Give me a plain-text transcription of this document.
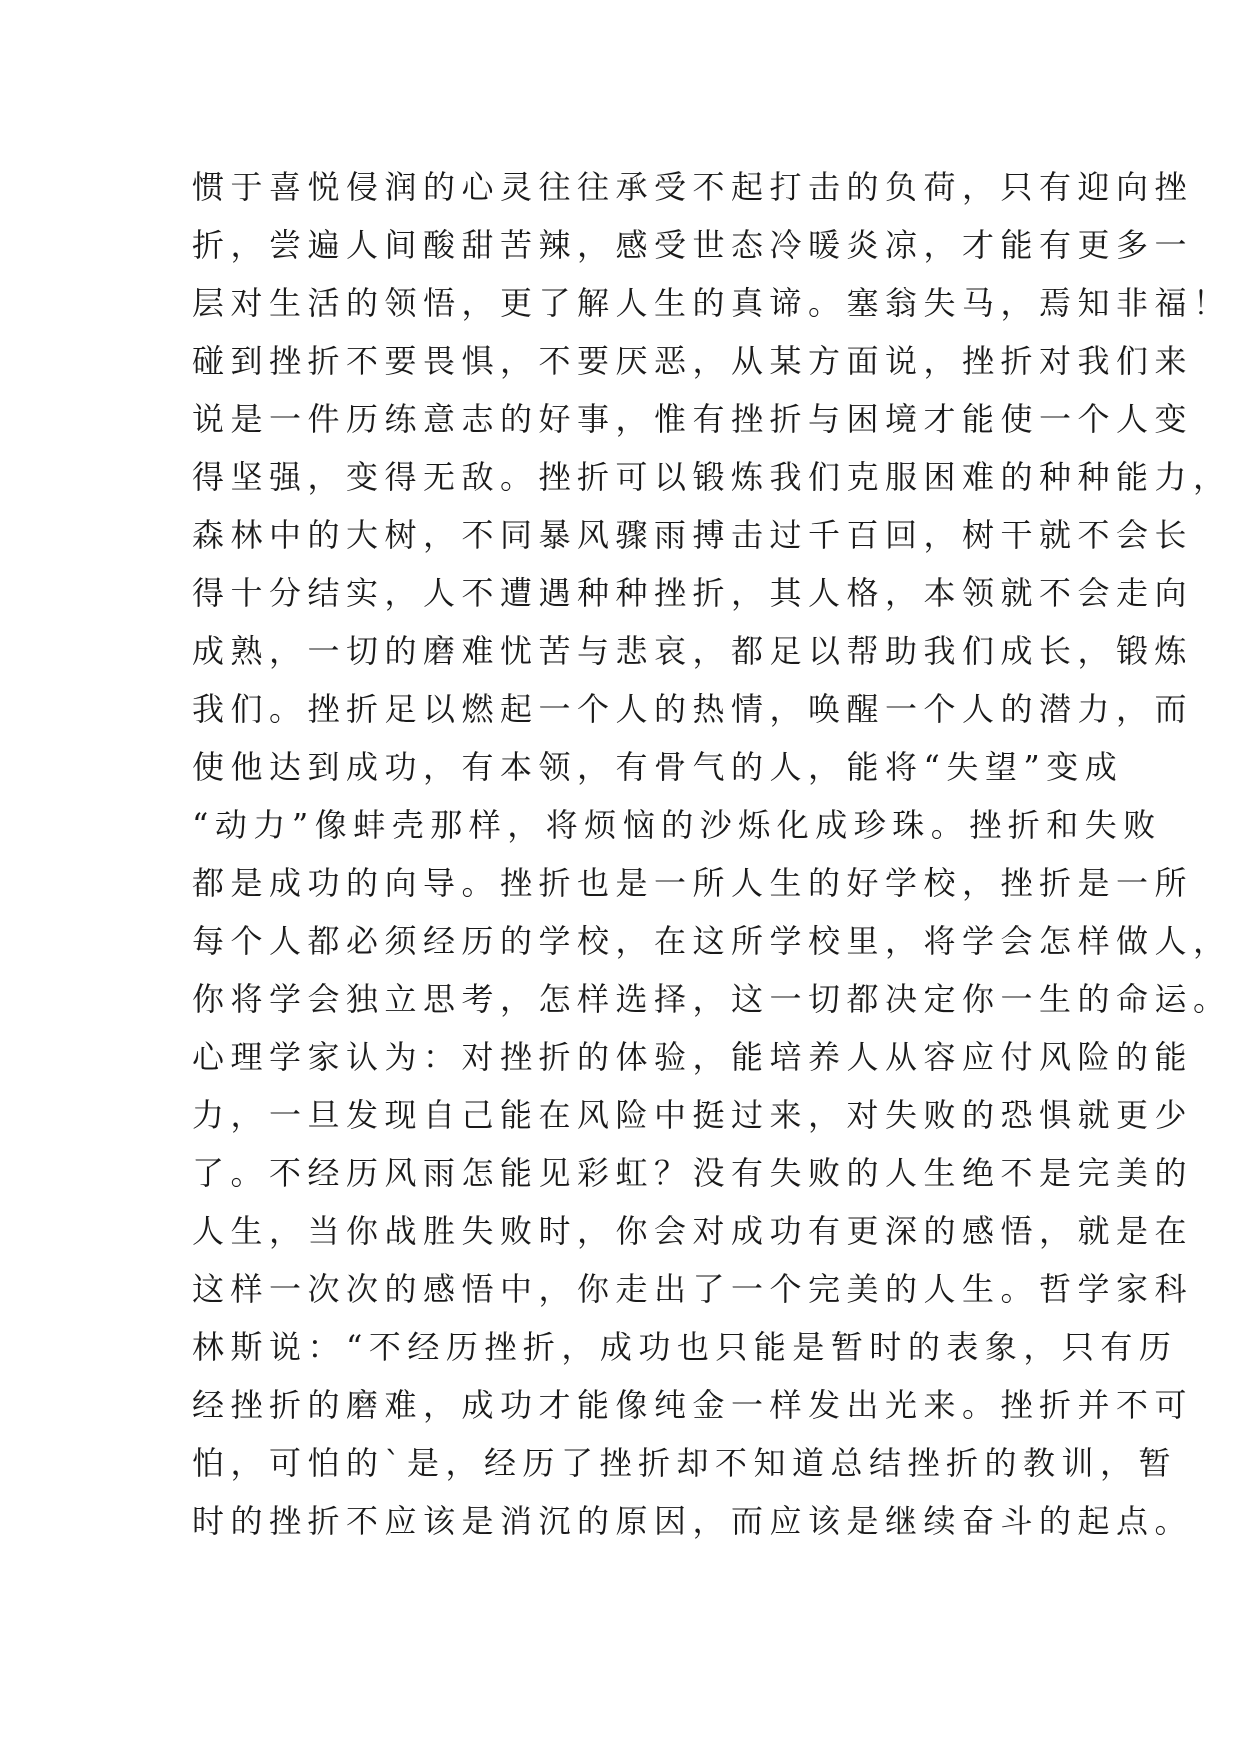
惯于喜悦侵润的心灵往往承受不起打击的负荷，只有迎向挫
折，尝遍人间酸甜苦辣，感受世态冷暖炎凉，才能有更多一
层对生活的领悟，更了解人生的真谛。塞翁失马，焉知非福！
碰到挫折不要畏惧，不要厌恶，从某方面说，挫折对我们来
说是一件历练意志的好事，惟有挫折与困境才能使一个人变
得坚强，变得无敌。挫折可以锻炼我们克服困难的种种能力，
森林中的大树，不同暴风骤雨搏击过千百回，树干就不会长
得十分结实，人不遭遇种种挫折，其人格，本领就不会走向
成熟，一切的磨难忧苦与悲哀，都足以帮助我们成长，锻炼
我们。挫折足以燃起一个人的热情，唤醒一个人的潜力，而
使他达到成功，有本领，有骨气的人，能将“失望”变成
“动力”像蚌壳那样，将烦恼的沙烁化成珍珠。挫折和失败
都是成功的向导。挫折也是一所人生的好学校，挫折是一所
每个人都必须经历的学校，在这所学校里，将学会怎样做人，
你将学会独立思考，怎样选择，这一切都决定你一生的命运。
心理学家认为：对挫折的体验，能培养人从容应付风险的能
力，一旦发现自己能在风险中挺过来，对失败的恐惧就更少
了。不经历风雨怎能见彩虹？没有失败的人生绝不是完美的
人生，当你战胜失败时，你会对成功有更深的感悟，就是在
这样一次次的感悟中，你走出了一个完美的人生。哲学家科
林斯说：“不经历挫折，成功也只能是暂时的表象，只有历
经挫折的磨难，成功才能像纯金一样发出光来。挫折并不可
怕，可怕的`是，经历了挫折却不知道总结挫折的教训，暂
时的挫折不应该是消沉的原因，而应该是继续奋斗的起点。
